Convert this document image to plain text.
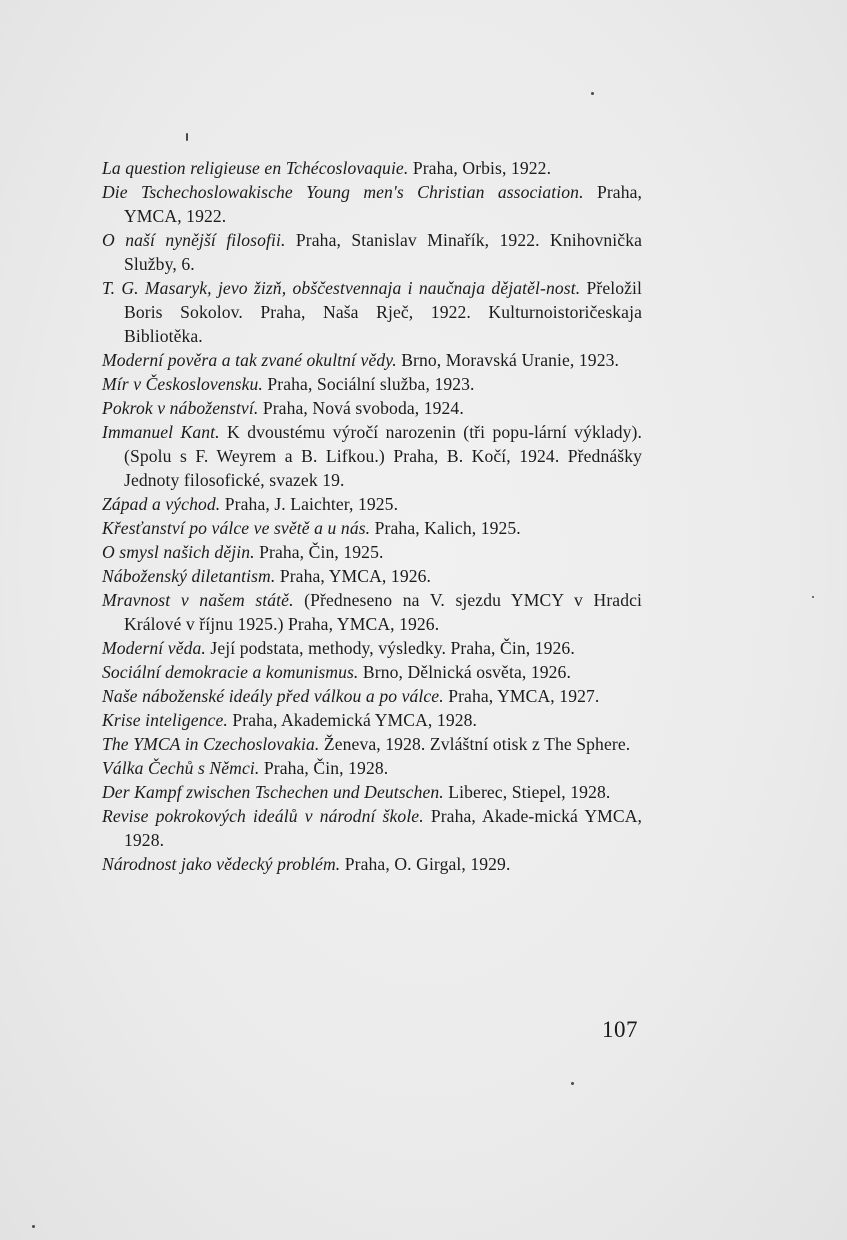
La question religieuse en Tchécoslovaquie. Praha, Orbis, 1922.
Die Tschechoslowakische Young men's Christian association. Praha, YMCA, 1922.
O naší nynější filosofii. Praha, Stanislav Minařík, 1922. Knihovnička Služby, 6.
T. G. Masaryk, jevo žizň, obščestvennaja i naučnaja dějatěl-nost. Přeložil Boris Sokolov. Praha, Naša Rječ, 1922. Kulturnoistoričeskaja Bibliotěka.
Moderní pověra a tak zvané okultní vědy. Brno, Moravská Uranie, 1923.
Mír v Československu. Praha, Sociální služba, 1923.
Pokrok v náboženství. Praha, Nová svoboda, 1924.
Immanuel Kant. K dvoustému výročí narozenin (tři popu-lární výklady). (Spolu s F. Weyrem a B. Lifkou.) Praha, B. Kočí, 1924. Přednášky Jednoty filosofické, svazek 19.
Západ a východ. Praha, J. Laichter, 1925.
Křesťanství po válce ve světě a u nás. Praha, Kalich, 1925.
O smysl našich dějin. Praha, Čin, 1925.
Náboženský diletantism. Praha, YMCA, 1926.
Mravnost v našem státě. (Předneseno na V. sjezdu YMCY v Hradci Králové v říjnu 1925.) Praha, YMCA, 1926.
Moderní věda. Její podstata, methody, výsledky. Praha, Čin, 1926.
Sociální demokracie a komunismus. Brno, Dělnická osvěta, 1926.
Naše náboženské ideály před válkou a po válce. Praha, YMCA, 1927.
Krise inteligence. Praha, Akademická YMCA, 1928.
The YMCA in Czechoslovakia. Ženeva, 1928. Zvláštní otisk z The Sphere.
Válka Čechů s Němci. Praha, Čin, 1928.
Der Kampf zwischen Tschechen und Deutschen. Liberec, Stiepel, 1928.
Revise pokrokových ideálů v národní škole. Praha, Akade-mická YMCA, 1928.
Národnost jako vědecký problém. Praha, O. Girgal, 1929.
107
